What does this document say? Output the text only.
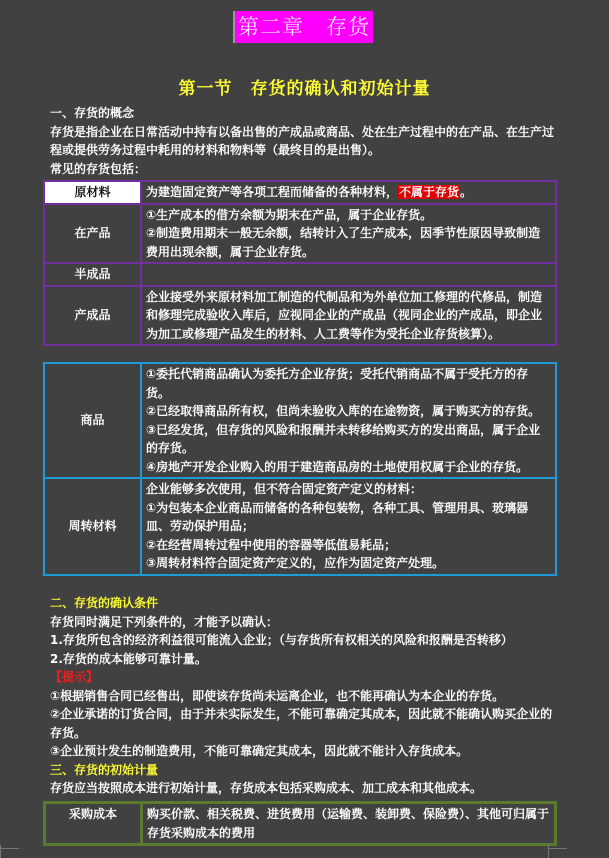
第二章　存货
第一节　存货的确认和初始计量
一、存货的概念
存货是指企业在日常活动中持有以备出售的产成品或商品、处在生产过程中的在产品、在生产过程或提供劳务过程中耗用的材料和物料等（最终目的是出售）。
常见的存货包括：
原材料	为建造固定资产等各项工程而储备的各种材料，不属于存货。
在产品	①生产成本的借方余额为期末在产品，属于企业存货。
②制造费用期末一般无余额，结转计入了生产成本，因季节性原因导致制造费用出现余额，属于企业存货。

半成品	
产成品	企业接受外来原材料加工制造的代制品和为外单位加工修理的代修品，制造和修理完成验收入库后，应视同企业的产成品（视同企业的产成品，即企业为加工或修理产品发生的材料、人工费等作为受托企业存货核算）。
商品	①委托代销商品确认为委托方企业存货；受托代销商品不属于受托方的存货。
②已经取得商品所有权，但尚未验收入库的在途物资，属于购买方的存货。
③已经发货，但存货的风险和报酬并未转移给购买方的发出商品，属于企业的存货。
④房地产开发企业购入的用于建造商品房的土地使用权属于企业的存货。

周转材料	企业能够多次使用，但不符合固定资产定义的材料：
①为包装本企业商品而储备的各种包装物，各种工具、管理用具、玻璃器皿、劳动保护用品；
②在经营周转过程中使用的容器等低值易耗品；
③周转材料符合固定资产定义的，应作为固定资产处理。
二、存货的确认条件
存货同时满足下列条件的，才能予以确认：
1.存货所包含的经济利益很可能流入企业；（与存货所有权相关的风险和报酬是否转移）
2.存货的成本能够可靠计量。
【提示】
①根据销售合同已经售出，即使该存货尚未运离企业，也不能再确认为本企业的存货。
②企业承诺的订货合同，由于并未实际发生，不能可靠确定其成本，因此就不能确认购买企业的存货。
③企业预计发生的制造费用，不能可靠确定其成本，因此就不能计入存货成本。
三、存货的初始计量
存货应当按照成本进行初始计量，存货成本包括采购成本、加工成本和其他成本。
采购成本	购买价款、相关税费、进货费用（运输费、装卸费、保险费）、其他可归属于存货采购成本的费用
